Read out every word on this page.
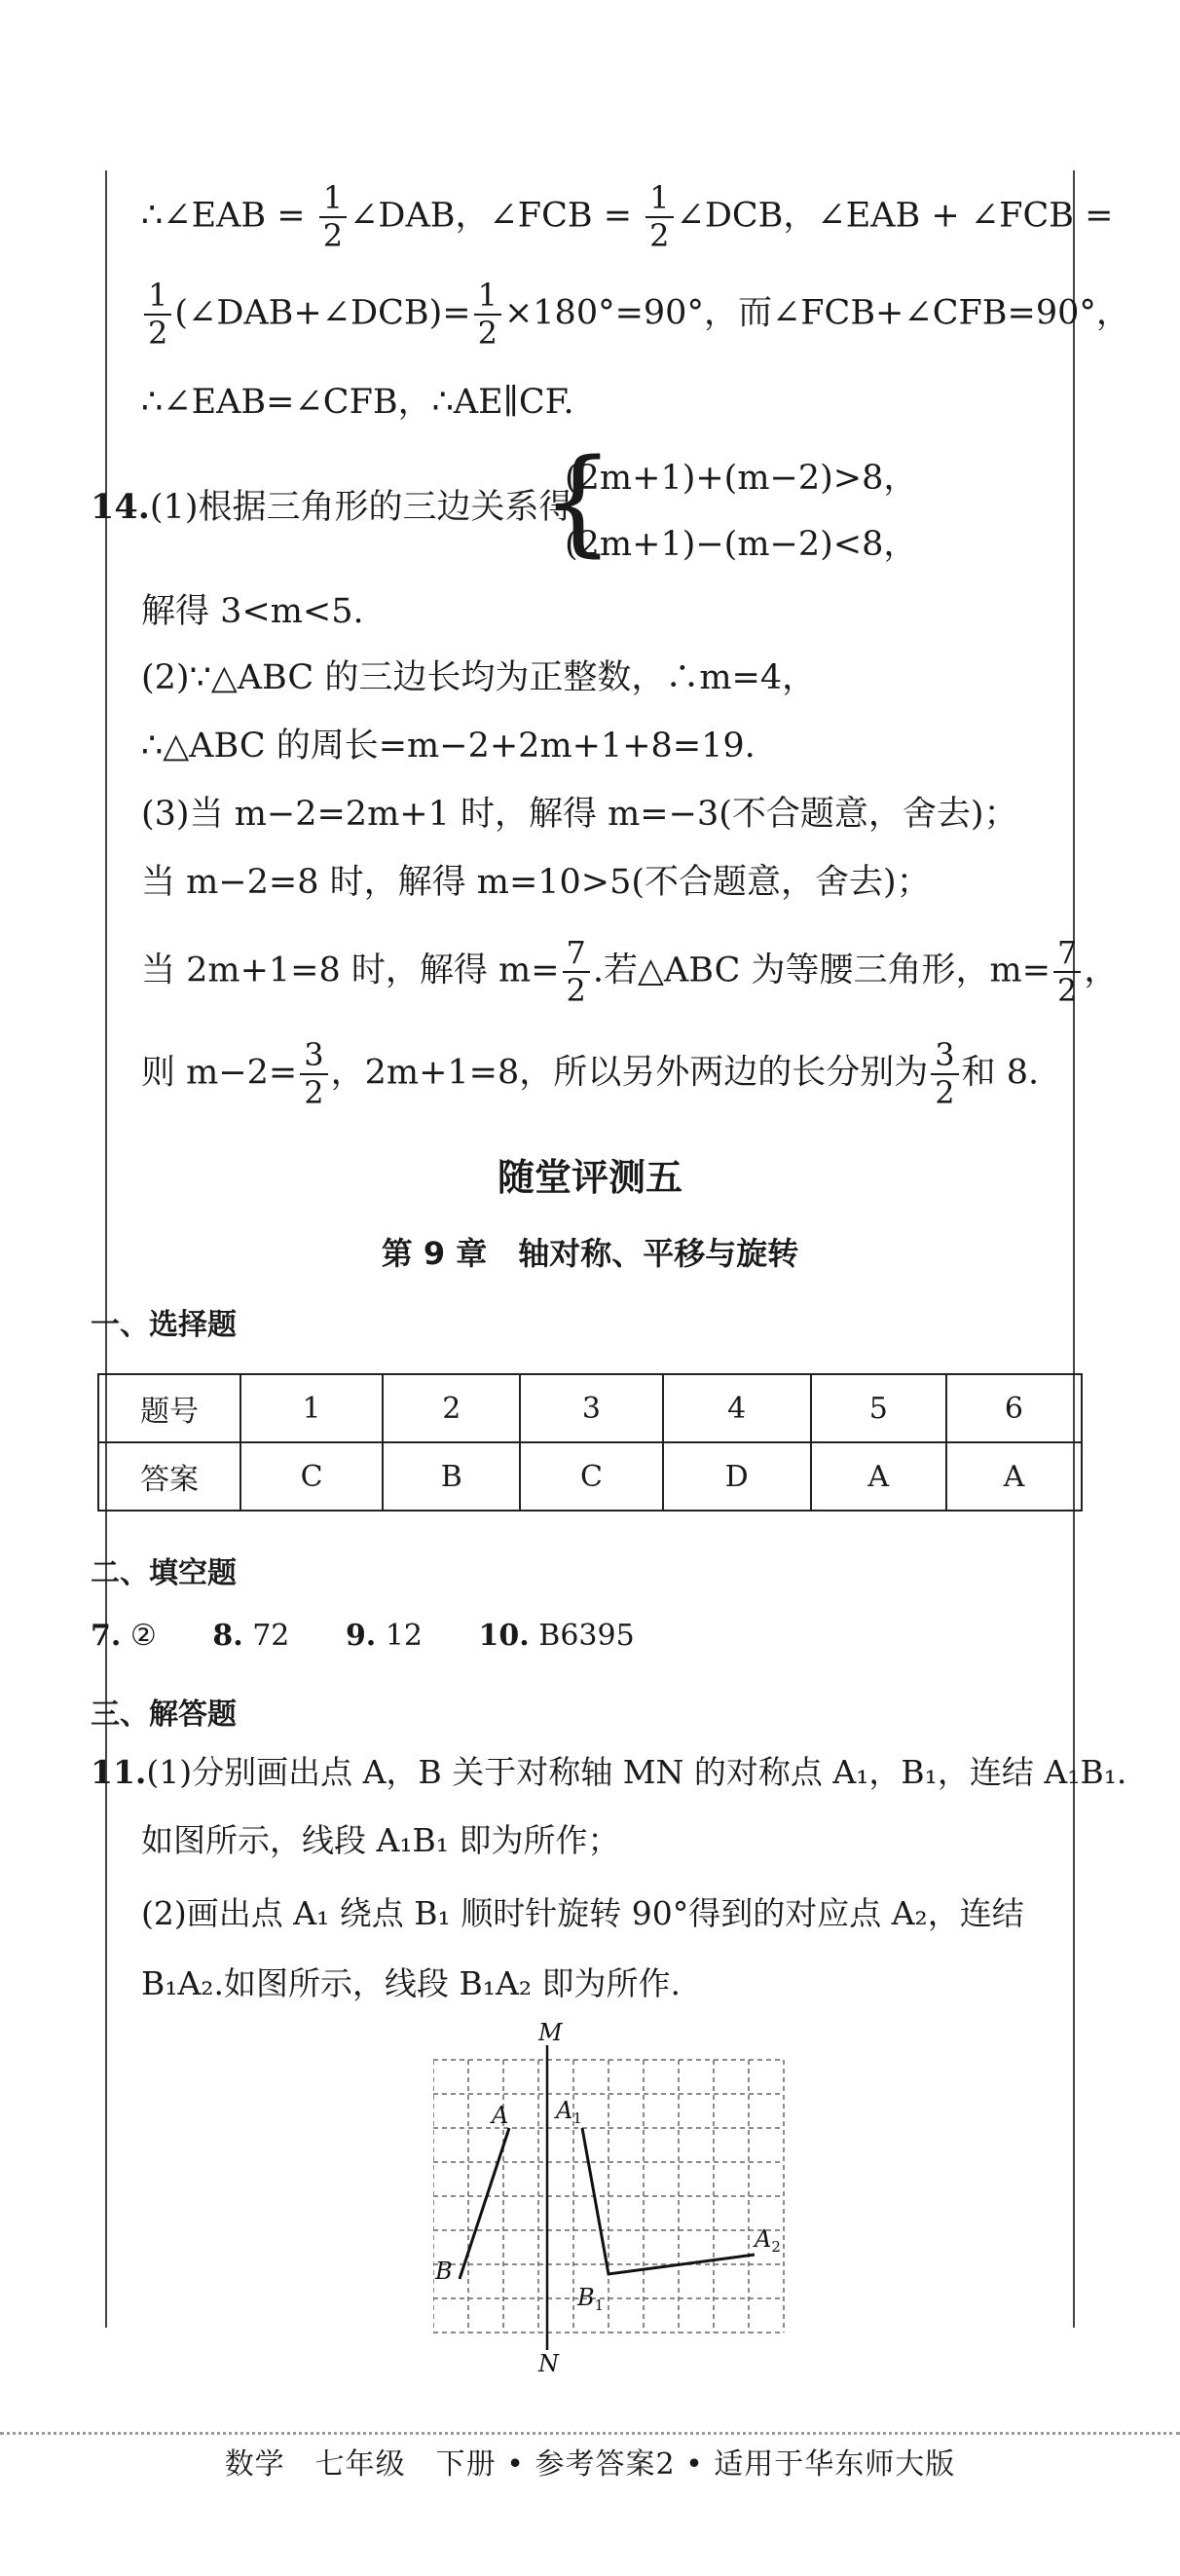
∴∠EAB = $\frac{1}{2}$ ∠DAB，∠FCB = $\frac{1}{2}$ ∠DCB，∠EAB + ∠FCB =
$\frac{1}{2}$ (∠DAB+∠DCB)= $\frac{1}{2} \times 180^\circ=90^\circ$，而∠FCB+∠CFB=90°，
∴∠EAB=∠CFB，∴AE∥CF.
14.(1)根据三角形的三边关系得
{
(2m+1)+(m−2)>8，
(2m+1)−(m−2)<8，
解得 3<m<5.
(2)∵△ABC 的三边长均为正整数，∴m=4，
∴△ABC 的周长=m−2+2m+1+8=19.
(3)当 m−2=2m+1 时，解得 m=−3(不合题意，舍去)；
当 m−2=8 时，解得 m=10>5(不合题意，舍去)；
当 2m+1=8 时，解得 $m= \frac{7}{2}$ .若△ABC 为等腰三角形，$m= \frac{7}{2}$ ，
则 $m-2= \frac{3}{2}$ ，2m+1=8，所以另外两边的长分别为 $\frac{3}{2}$ 和 8.
随堂评测五
第 9 章　轴对称、平移与旋转
一、选择题
题号	1	2	3	4	5	6
答案	C	B	C	D	A	A
二、填空题
7. ② 8. 72 9. 12 10. B6395
三、解答题
11.(1)分别画出点 A，B 关于对称轴 MN 的对称点 A₁，B₁，连结 A₁B₁.
如图所示，线段 A₁B₁ 即为所作；
(2)画出点 A₁ 绕点 B₁ 顺时针旋转 90°得到的对应点 A₂，连结
B₁A₂.如图所示，线段 B₁A₂ 即为所作.
M
N
A
B
$A_1$
$B_1$
$A_2$
数学　七年级　下册 • 参考答案2 • 适用于华东师大版
